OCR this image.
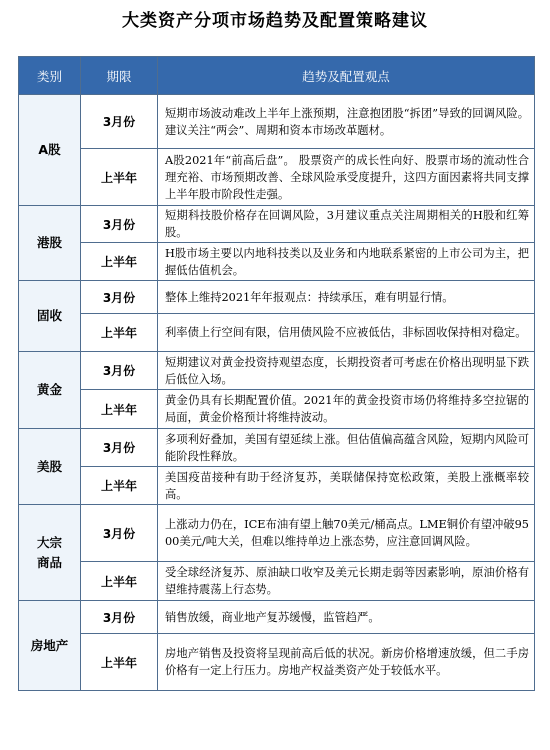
大类资产分项市场趋势及配置策略建议
类别	期限	趋势及配置观点
A股	3月份	短期市场波动难改上半年上涨预期，注意抱团股“拆团”导致的回调风险。建议关注“两会”、周期和资本市场改革题材。
	上半年	A股2021年“前高后盘”。 股票资产的成长性向好、股票市场的流动性合理充裕、市场预期改善、全球风险承受度提升，这四方面因素将共同支撑上半年股市阶段性走强。
港股	3月份	短期科技股价格存在回调风险，3月建议重点关注周期相关的H股和红筹股。
	上半年	H股市场主要以内地科技类以及业务和内地联系紧密的上市公司为主，把握低估值机会。
固收	3月份	整体上维持2021年年报观点：持续承压，难有明显行情。
	上半年	利率债上行空间有限，信用债风险不应被低估，非标固收保持相对稳定。
黄金	3月份	短期建议对黄金投资持观望态度，长期投资者可考虑在价格出现明显下跌后低位入场。
	上半年	黄金仍具有长期配置价值。2021年的黄金投资市场仍将维持多空拉锯的局面，黄金价格预计将维持波动。
美股	3月份	多项利好叠加，美国有望延续上涨。但估值偏高蕴含风险，短期内风险可能阶段性释放。
	上半年	美国疫苗接种有助于经济复苏，美联储保持宽松政策，美股上涨概率较高。
大宗商品	3月份	上涨动力仍在，ICE布油有望上触70美元/桶高点。LME铜价有望冲破9500美元/吨大关，但难以维持单边上涨态势，应注意回调风险。
	上半年	受全球经济复苏、原油缺口收窄及美元长期走弱等因素影响，原油价格有望维持震荡上行态势。
房地产	3月份	销售放缓，商业地产复苏缓慢，监管趋严。
	上半年	房地产销售及投资将呈现前高后低的状况。新房价格增速放缓，但二手房价格有一定上行压力。房地产权益类资产处于较低水平。
